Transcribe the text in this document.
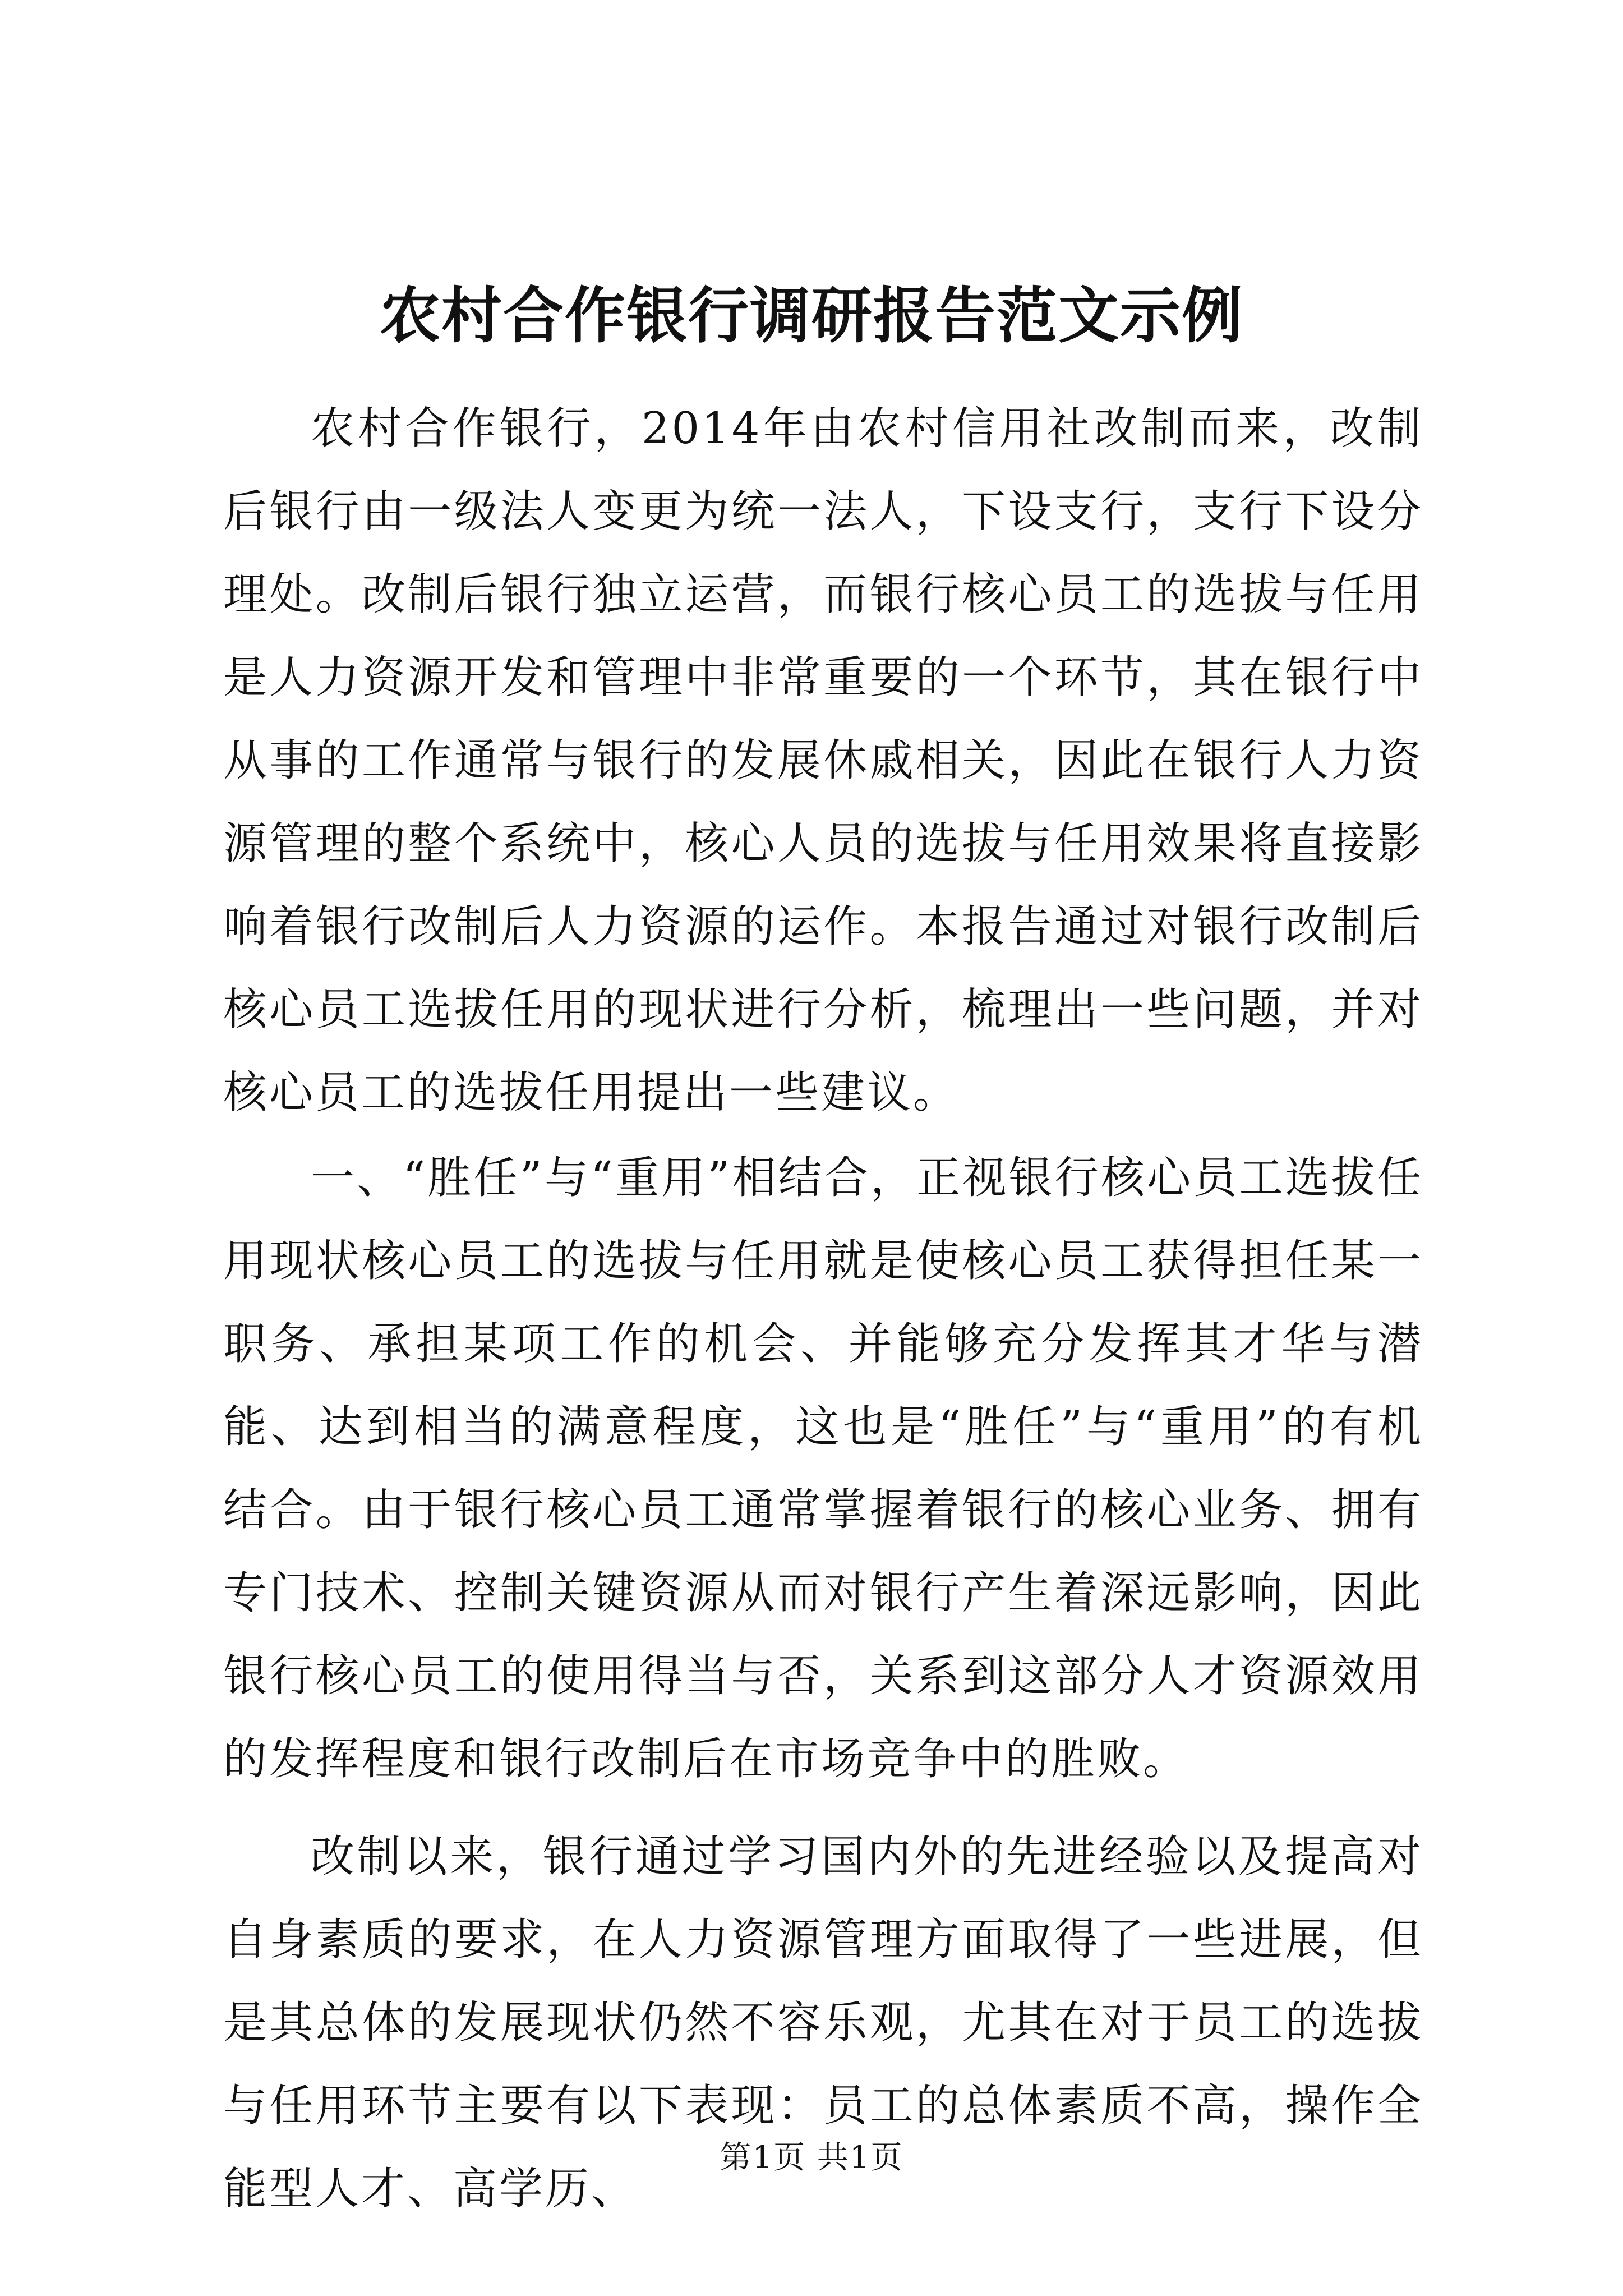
农村合作银行调研报告范文示例

农村合作银行，2014年由农村信用社改制而来，改制后银行由一级法人变更为统一法人，下设支行，支行下设分理处。改制后银行独立运营，而银行核心员工的选拔与任用是人力资源开发和管理中非常重要的一个环节，其在银行中从事的工作通常与银行的发展休戚相关，因此在银行人力资源管理的整个系统中，核心人员的选拔与任用效果将直接影响着银行改制后人力资源的运作。本报告通过对银行改制后核心员工选拔任用的现状进行分析，梳理出一些问题，并对核心员工的选拔任用提出一些建议。

一、“胜任”与“重用”相结合，正视银行核心员工选拔任用现状核心员工的选拔与任用就是使核心员工获得担任某一职务、承担某项工作的机会、并能够充分发挥其才华与潜能、达到相当的满意程度，这也是“胜任”与“重用”的有机结合。由于银行核心员工通常掌握着银行的核心业务、拥有专门技术、控制关键资源从而对银行产生着深远影响，因此银行核心员工的使用得当与否，关系到这部分人才资源效用的发挥程度和银行改制后在市场竞争中的胜败。

改制以来，银行通过学习国内外的先进经验以及提高对自身素质的要求，在人力资源管理方面取得了一些进展，但是其总体的发展现状仍然不容乐观，尤其在对于员工的选拔与任用环节主要有以下表现：员工的总体素质不高，操作全能型人才、高学历、

第1页 共1页
